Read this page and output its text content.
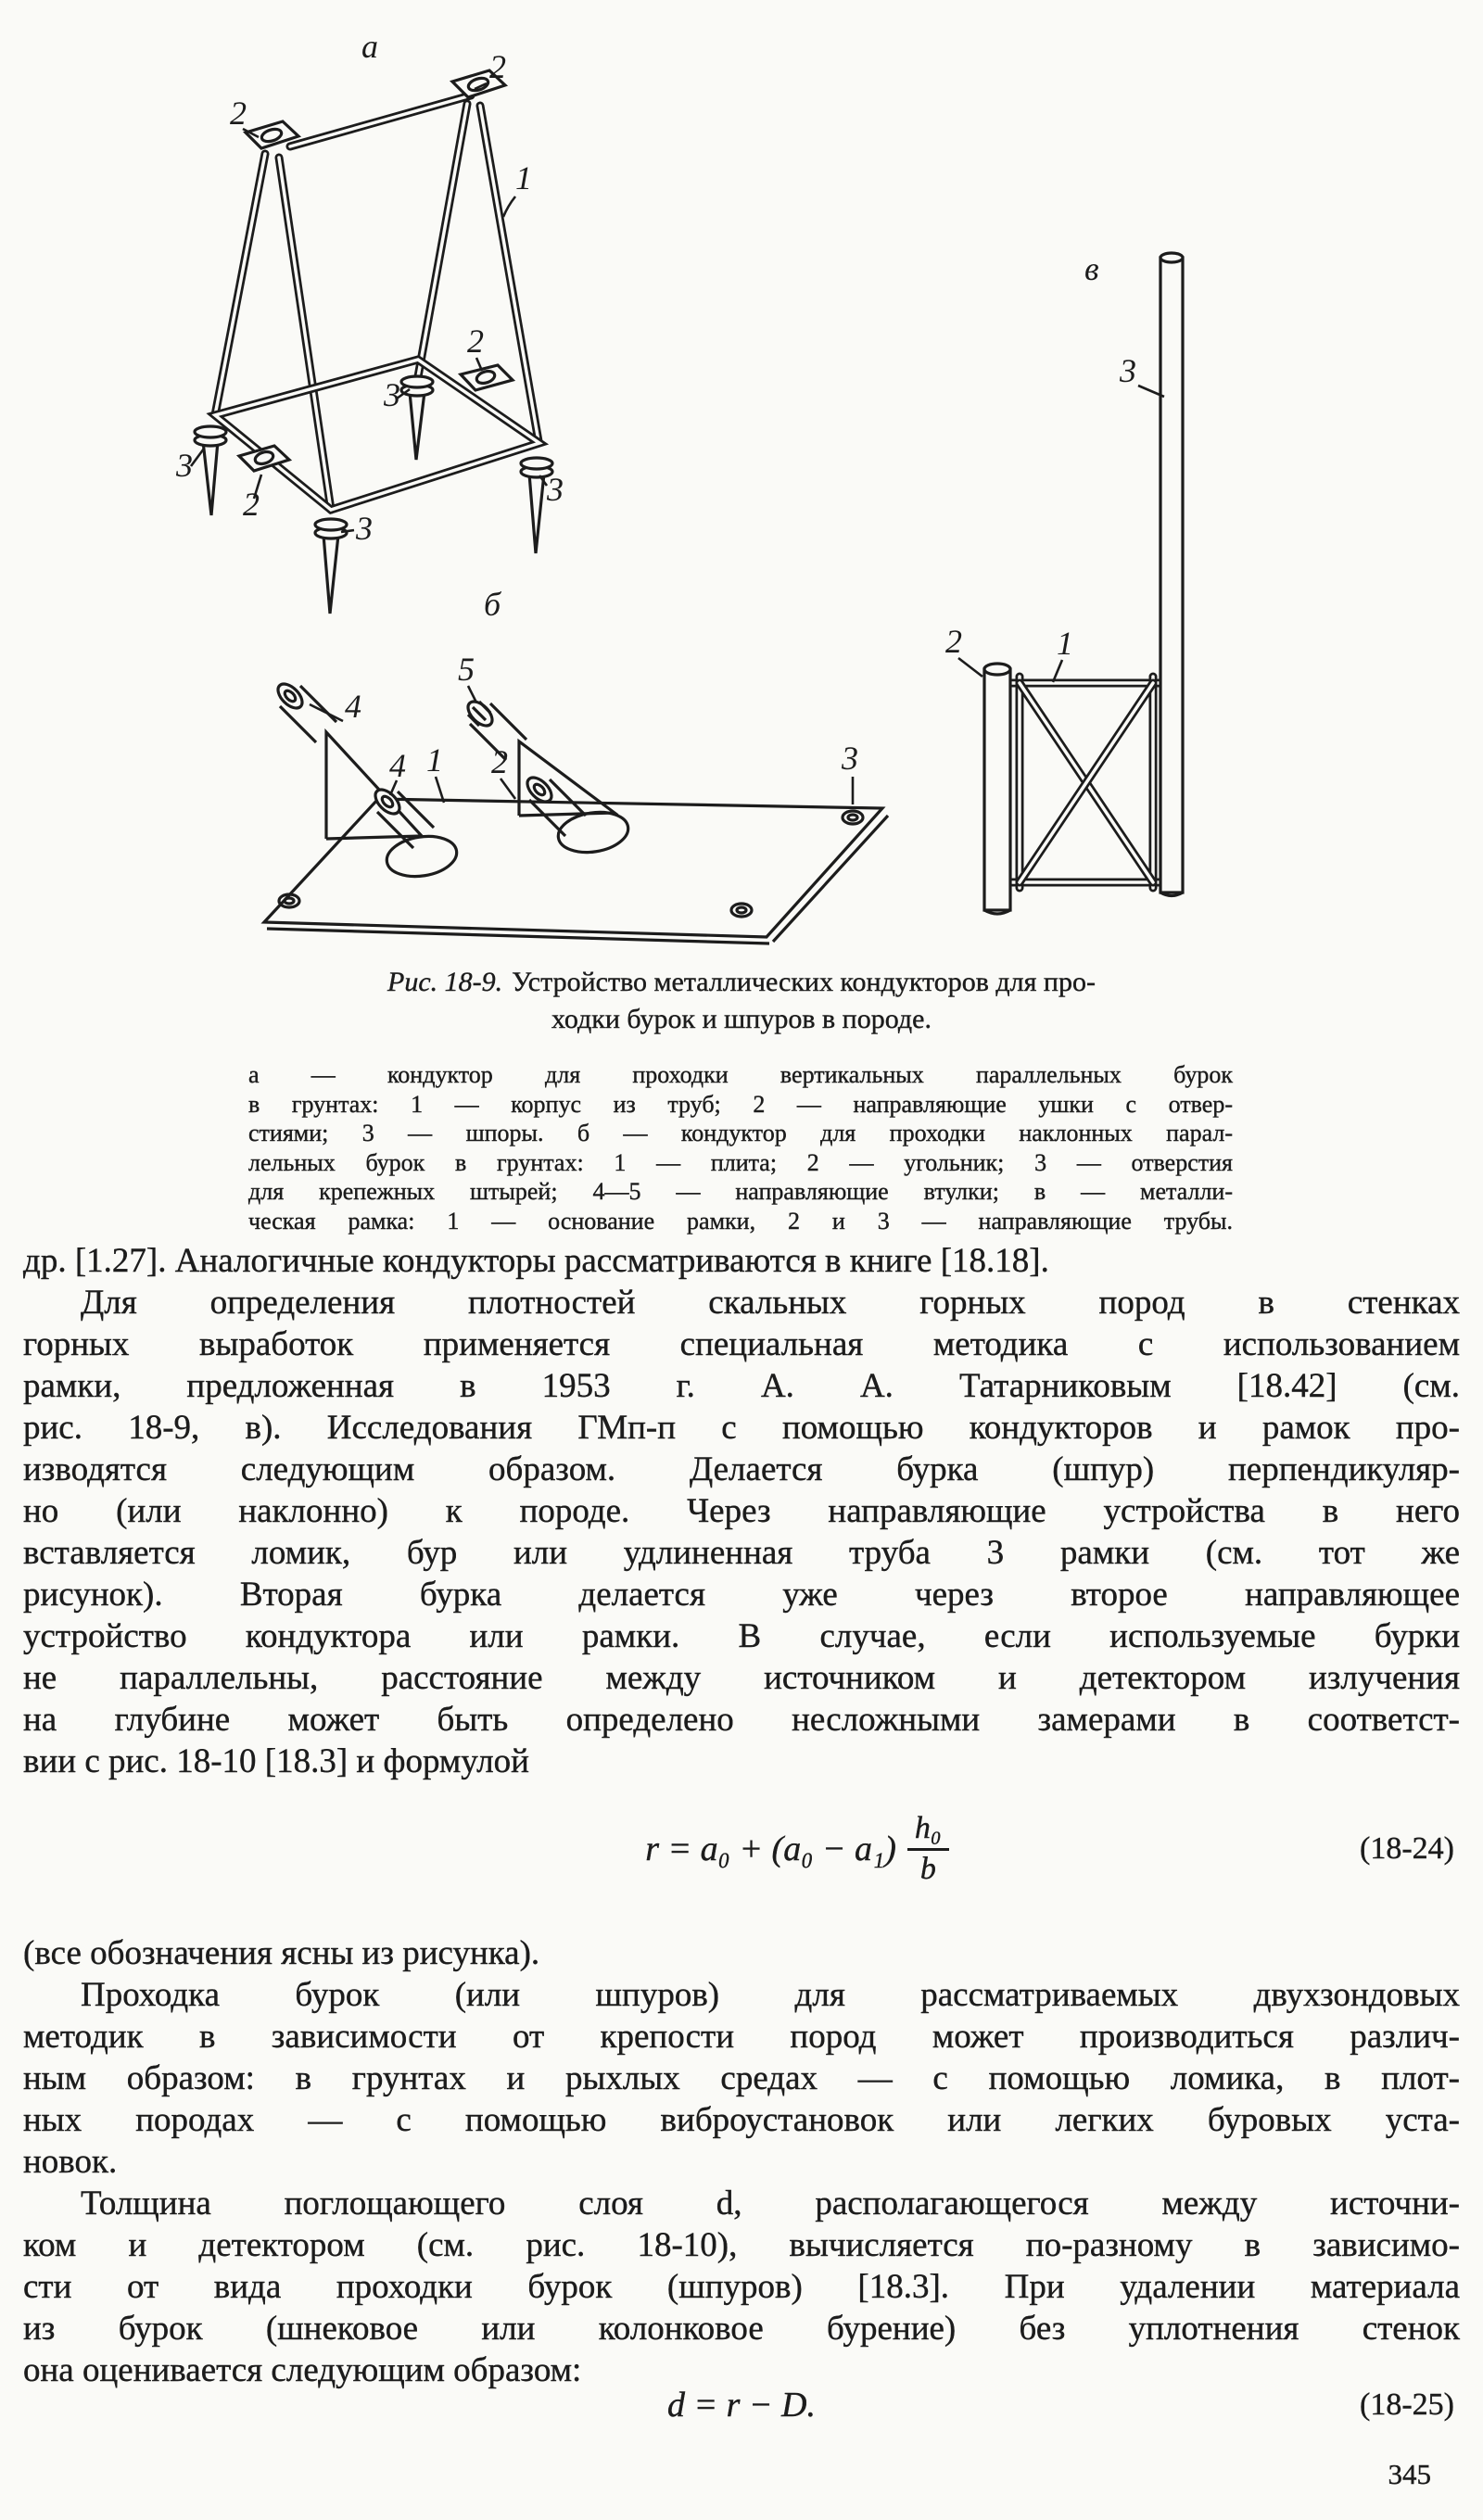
а
2
2
1
2
3
2
3
3
3
б
5
4
4 1 2	3
в
3
1
2
Рис. 18-9. Устройство металлических кондукторов для про-
ходки бурок и шпуров в породе.
а — кондуктор для проходки вертикальных параллельных бурок
в грунтах: 1 — корпус из труб; 2 — направляющие ушки с отвер-
стиями; 3 — шпоры. б — кондуктор для проходки наклонных парал-
лельных бурок в грунтах: 1 — плита; 2 — угольник; 3 — отверстия
для крепежных штырей; 4—5 — направляющие втулки; в — металли-
ческая рамка: 1 — основание рамки, 2 и 3 — направляющие трубы.
др. [1.27]. Аналогичные кондукторы рассматриваются в книге [18.18].
Для определения плотностей скальных горных пород в стенках
горных выработок применяется специальная методика с использованием
рамки, предложенная в 1953 г. А. А. Татарниковым [18.42] (см.
рис. 18-9, в). Исследования ГМп-п с помощью кондукторов и рамок про-
изводятся следующим образом. Делается бурка (шпур) перпендикуляр-
но (или наклонно) к породе. Через направляющие устройства в него
вставляется ломик, бур или удлиненная труба 3 рамки (см. тот же
рисунок). Вторая бурка делается уже через второе направляющее
устройство кондуктора или рамки. В случае, если используемые бурки
не параллельны, расстояние между источником и детектором излучения
на глубине может быть определено несложными замерами в соответст-
вии с рис. 18-10 [18.3] и формулой
$r = a_0 + (a_0 - a_1) \frac{\text{h₀}}{b}$	(18-24)
(все обозначения ясны из рисунка).
Проходка бурок (или шпуров) для рассматриваемых двухзондовых
методик в зависимости от крепости пород может производиться различ-
ным образом: в грунтах и рыхлых средах — с помощью ломика, в плот-
ных породах — с помощью виброустановок или легких буровых уста-
новок.
Толщина поглощающего слоя d, располагающегося между источни-
ком и детектором (см. рис. 18-10), вычисляется по-разному в зависимо-
сти от вида проходки бурок (шпуров) [18.3]. При удалении материала
из бурок (шнековое или колонковое бурение) без уплотнения стенок
она оценивается следующим образом:
d = r − D.	(18-25)
345
